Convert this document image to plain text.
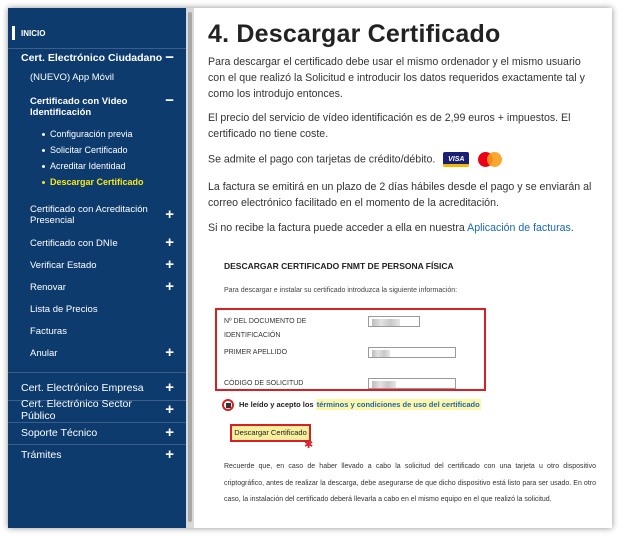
INICIO
Cert. Electrónico Ciudadano −
(NUEVO) App Móvil
Certificado con Video
Identificación
−
Configuración previa
Solicitar Certificado
Acreditar Identidad
Descargar Certificado
Certificado con Acreditación
Presencial	+
Certificado con DNIe	+
Verificar Estado	+
Renovar	+
Lista de Precios
Facturas
Anular	+
Cert. Electrónico Empresa +
Cert. Electrónico Sector Público	+
Soporte Técnico	+
Trámites	+
4. Descargar Certificado

Para descargar el certificado debe usar el mismo ordenador y el mismo usuario con el que realizó la Solicitud e introducir los datos requeridos exactamente tal y como los introdujo entonces.

El precio del servicio de vídeo identificación es de 2,99 euros + impuestos. El certificado no tiene coste.

Se admite el pago con tarjetas de crédito/débito. VISA

La factura se emitirá en un plazo de 2 días hábiles desde el pago y se enviarán al correo electrónico facilitado en el momento de la acreditación.

Si no recibe la factura puede acceder a ella en nuestra Aplicación de facturas.

DESCARGAR CERTIFICADO FNMT DE PERSONA FÍSICA
Para descargar e instalar su certificado introduzca la siguiente información:
Nº DEL DOCUMENTO DE
IDENTIFICACIÓN
PRIMER APELLIDO
CÓDIGO DE SOLICITUD
He leído y acepto los términos y condiciones de uso del certificado
Descargar Certificado
✱
Recuerde que, en caso de haber llevado a cabo la solicitud del certificado con una tarjeta u otro dispositivo criptográfico, antes de realizar la descarga, debe asegurarse de que dicho dispositivo está listo para ser usado. En otro caso, la instalación del certificado deberá llevarla a cabo en el mismo equipo en el que realizó la solicitud.
